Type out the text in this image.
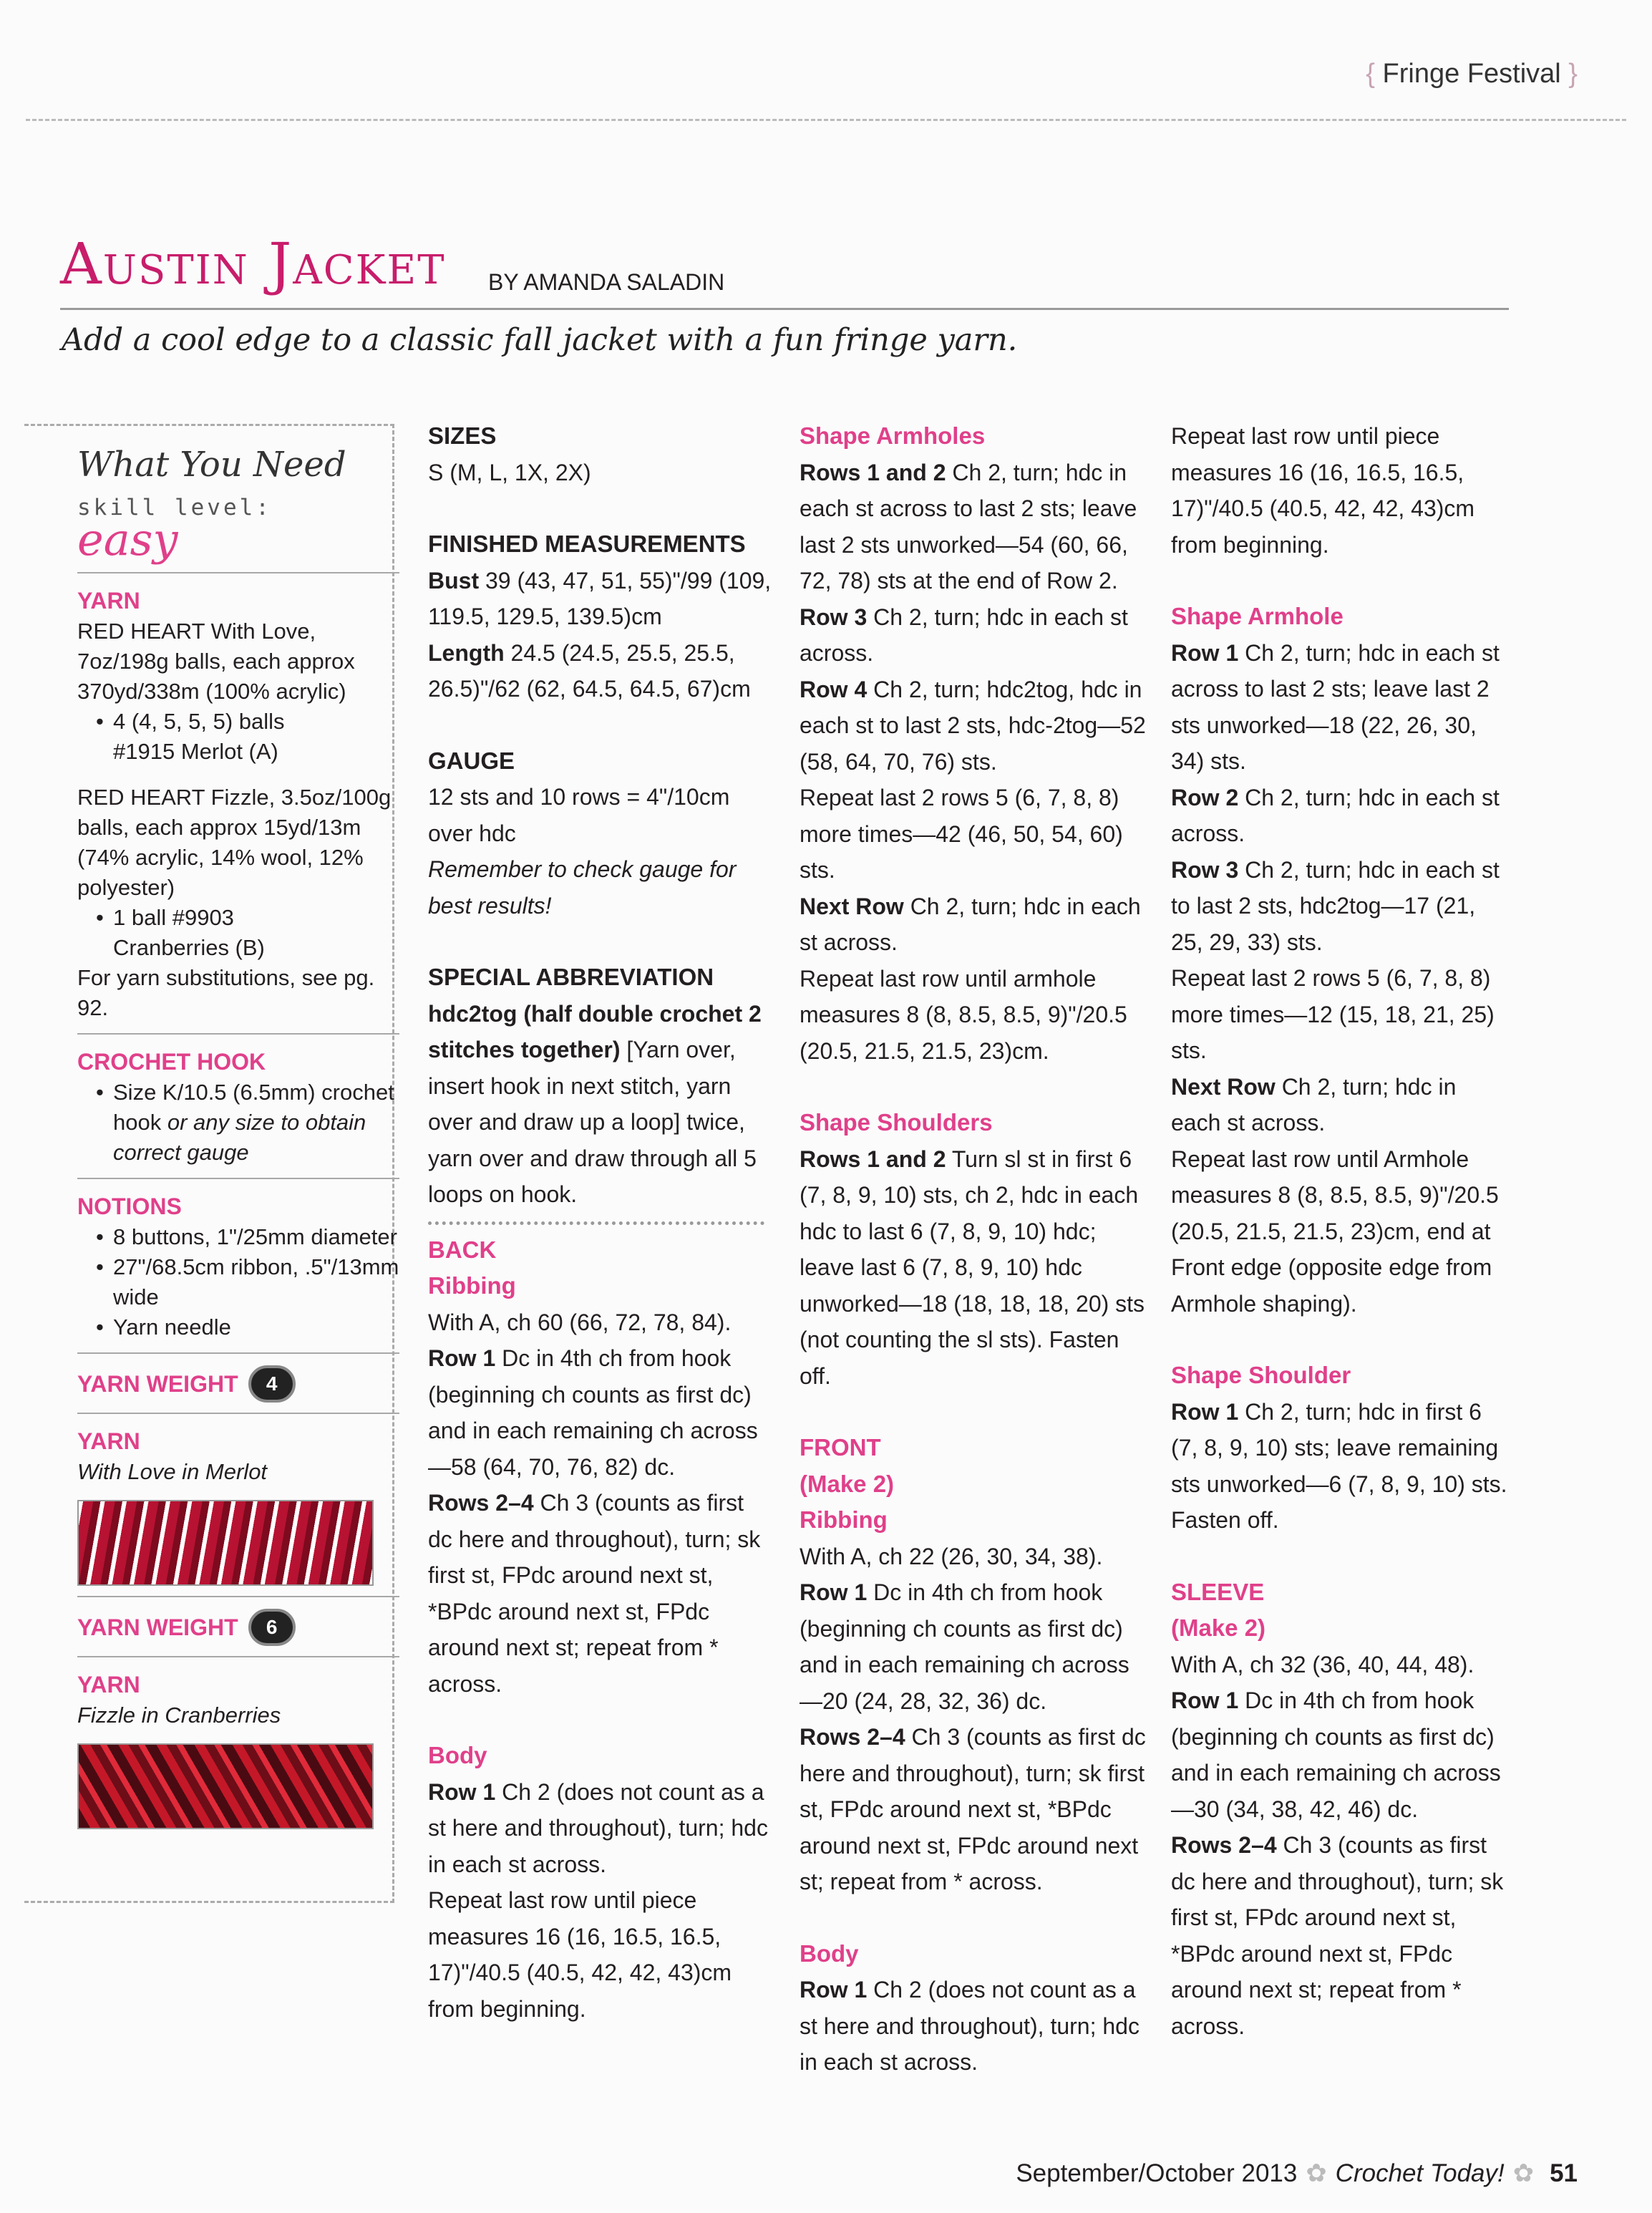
{ Fringe Festival }
Austin Jacket BY AMANDA SALADIN
Add a cool edge to a classic fall jacket with a fun fringe yarn.
What You Need
skill level:
easy
YARN
RED HEART With Love, 7oz/198g balls, each approx 370yd/338m (100% acrylic)
• 4 (4, 5, 5, 5) balls
#1915 Merlot (A)
RED HEART Fizzle, 3.5oz/100g balls, each approx 15yd/13m (74% acrylic, 14% wool, 12% polyester)
• 1 ball #9903
Cranberries (B)
For yarn substitutions, see pg. 92.
CROCHET HOOK
• Size K/10.5 (6.5mm) crochet hook or any size to obtain correct gauge
NOTIONS
• 8 buttons, 1"/25mm diameter
• 27"/68.5cm ribbon, .5"/13mm wide
• Yarn needle
YARN WEIGHT	4
YARN
With Love in Merlot
YARN WEIGHT	6
YARN
Fizzle in Cranberries

SIZES

S (M, L, 1X, 2X)

FINISHED MEASUREMENTS

Bust 39 (43, 47, 51, 55)"/99 (109, 119.5, 129.5, 139.5)cm

Length 24.5 (24.5, 25.5, 25.5, 26.5)"/62 (62, 64.5, 64.5, 67)cm

GAUGE

12 sts and 10 rows = 4"/10cm over hdc

Remember to check gauge for best results!

SPECIAL ABBREVIATION

hdc2tog (half double crochet 2 stitches together) [Yarn over, insert hook in next stitch, yarn over and draw up a loop] twice, yarn over and draw through all 5 loops on hook.

BACK

Ribbing

With A, ch 60 (66, 72, 78, 84).

Row 1 Dc in 4th ch from hook (beginning ch counts as first dc) and in each remaining ch across—58 (64, 70, 76, 82) dc.

Rows 2–4 Ch 3 (counts as first dc here and throughout), turn; sk first st, FPdc around next st, *BPdc around next st, FPdc around next st; repeat from * across.

Body

Row 1 Ch 2 (does not count as a st here and throughout), turn; hdc in each st across.

Repeat last row until piece measures 16 (16, 16.5, 16.5, 17)"/40.5 (40.5, 42, 42, 43)cm from beginning.

Shape Armholes

Rows 1 and 2 Ch 2, turn; hdc in each st across to last 2 sts; leave last 2 sts unworked—54 (60, 66, 72, 78) sts at the end of Row 2.

Row 3 Ch 2, turn; hdc in each st across.

Row 4 Ch 2, turn; hdc2tog, hdc in each st to last 2 sts, hdc-2tog—52 (58, 64, 70, 76) sts.

Repeat last 2 rows 5 (6, 7, 8, 8) more times—42 (46, 50, 54, 60) sts.

Next Row Ch 2, turn; hdc in each st across.

Repeat last row until armhole measures 8 (8, 8.5, 8.5, 9)"/20.5 (20.5, 21.5, 21.5, 23)cm.

Shape Shoulders

Rows 1 and 2 Turn sl st in first 6 (7, 8, 9, 10) sts, ch 2, hdc in each hdc to last 6 (7, 8, 9, 10) hdc; leave last 6 (7, 8, 9, 10) hdc unworked—18 (18, 18, 18, 20) sts (not counting the sl sts). Fasten off.

FRONT

(Make 2)

Ribbing

With A, ch 22 (26, 30, 34, 38).

Row 1 Dc in 4th ch from hook (beginning ch counts as first dc) and in each remaining ch across—20 (24, 28, 32, 36) dc.

Rows 2–4 Ch 3 (counts as first dc here and throughout), turn; sk first st, FPdc around next st, *BPdc around next st, FPdc around next st; repeat from * across.

Body

Row 1 Ch 2 (does not count as a st here and throughout), turn; hdc in each st across.

Repeat last row until piece measures 16 (16, 16.5, 16.5, 17)"/40.5 (40.5, 42, 42, 43)cm from beginning.

Shape Armhole

Row 1 Ch 2, turn; hdc in each st across to last 2 sts; leave last 2 sts unworked—18 (22, 26, 30, 34) sts.

Row 2 Ch 2, turn; hdc in each st across.

Row 3 Ch 2, turn; hdc in each st to last 2 sts, hdc2tog—17 (21, 25, 29, 33) sts.

Repeat last 2 rows 5 (6, 7, 8, 8) more times—12 (15, 18, 21, 25) sts.

Next Row Ch 2, turn; hdc in each st across.

Repeat last row until Armhole measures 8 (8, 8.5, 8.5, 9)"/20.5 (20.5, 21.5, 21.5, 23)cm, end at Front edge (opposite edge from Armhole shaping).

Shape Shoulder

Row 1 Ch 2, turn; hdc in first 6 (7, 8, 9, 10) sts; leave remaining sts unworked—6 (7, 8, 9, 10) sts. Fasten off.

SLEEVE

(Make 2)

With A, ch 32 (36, 40, 44, 48).

Row 1 Dc in 4th ch from hook (beginning ch counts as first dc) and in each remaining ch across—30 (34, 38, 42, 46) dc.

Rows 2–4 Ch 3 (counts as first dc here and throughout), turn; sk first st, FPdc around next st, *BPdc around next st, FPdc around next st; repeat from * across.

September/October 2013 ✿ Crochet Today! ✿ 51
